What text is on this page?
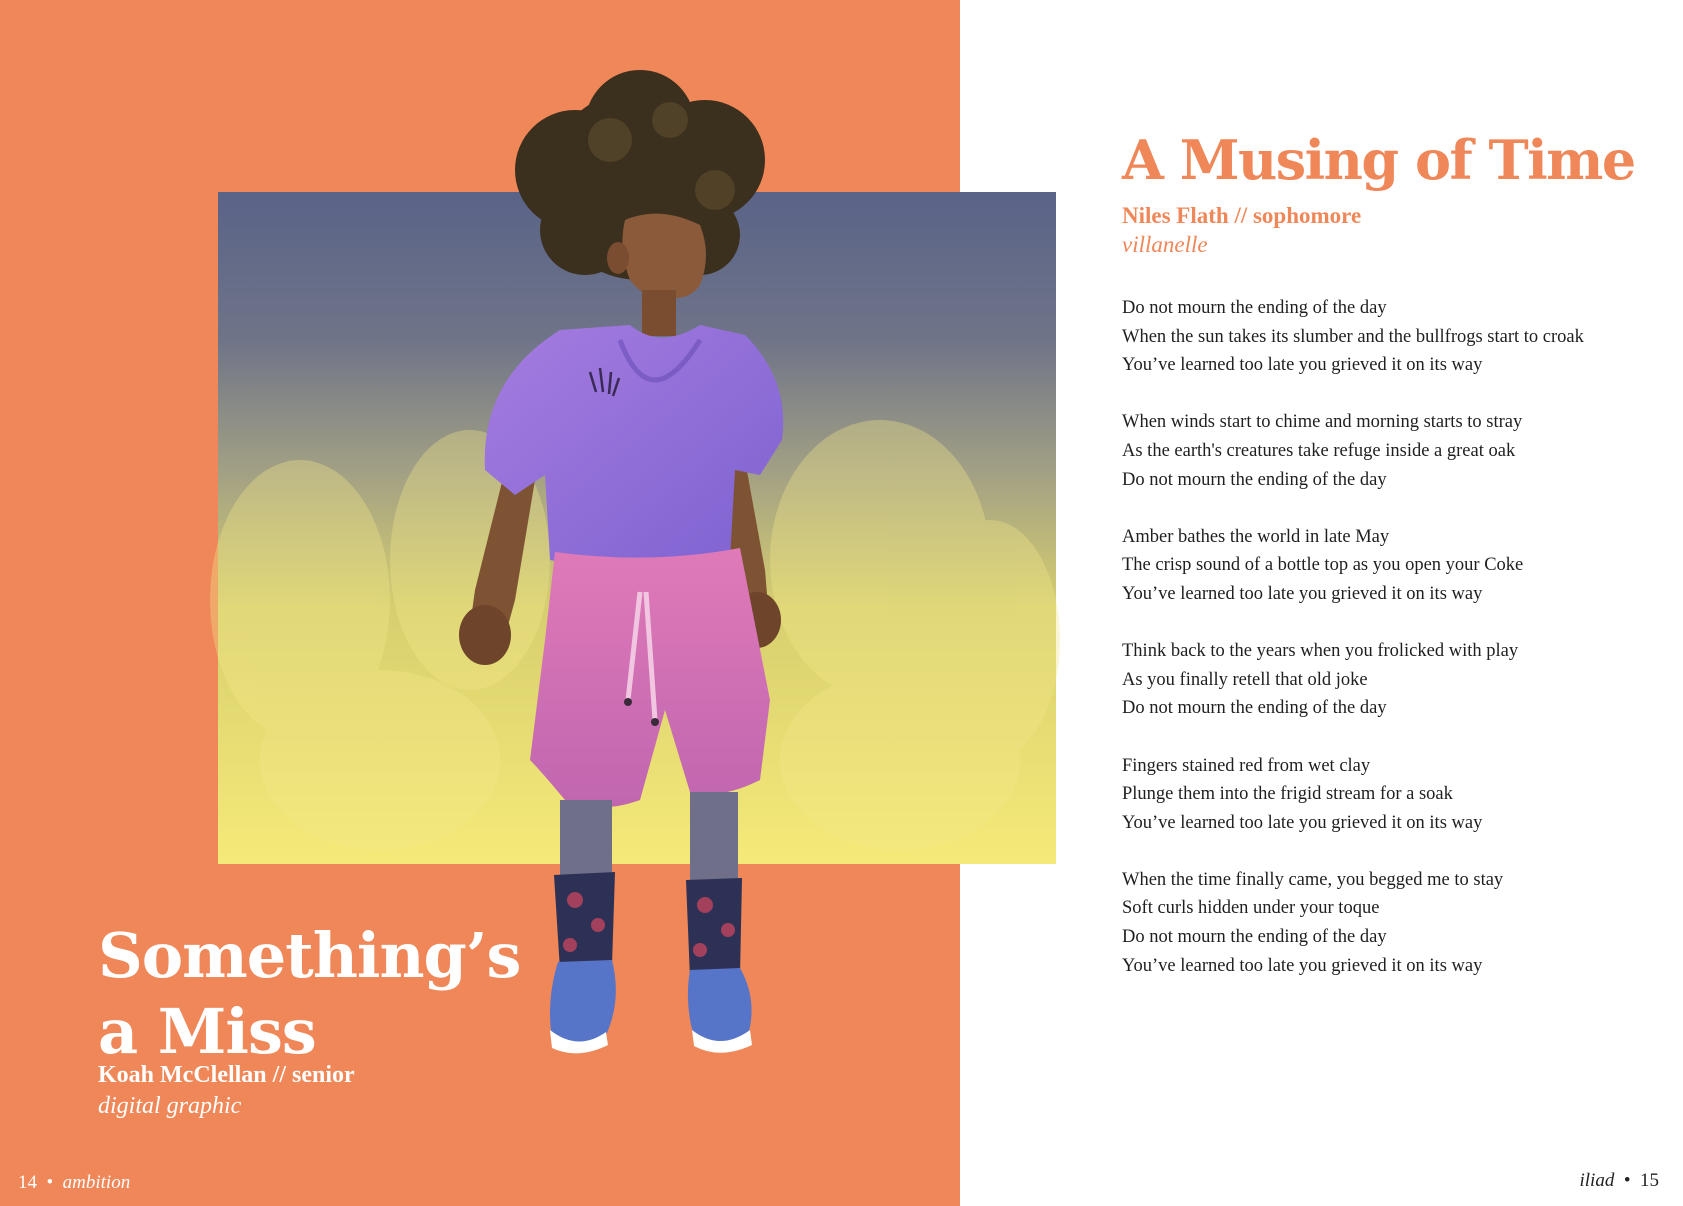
Something’s
a Miss

Koah McClellan // senior

digital graphic

14 • ambition
A Musing of Time

Niles Flath // sophomore

villanelle

Do not mourn the ending of the day
When the sun takes its slumber and the bullfrogs start to croak
You’ve learned too late you grieved it on its way
When winds start to chime and morning starts to stray
As the earth's creatures take refuge inside a great oak
Do not mourn the ending of the day
Amber bathes the world in late May
The crisp sound of a bottle top as you open your Coke
You’ve learned too late you grieved it on its way
Think back to the years when you frolicked with play
As you finally retell that old joke
Do not mourn the ending of the day
Fingers stained red from wet clay
Plunge them into the frigid stream for a soak
You’ve learned too late you grieved it on its way
When the time finally came, you begged me to stay
Soft curls hidden under your toque
Do not mourn the ending of the day
You’ve learned too late you grieved it on its way
iliad • 15
